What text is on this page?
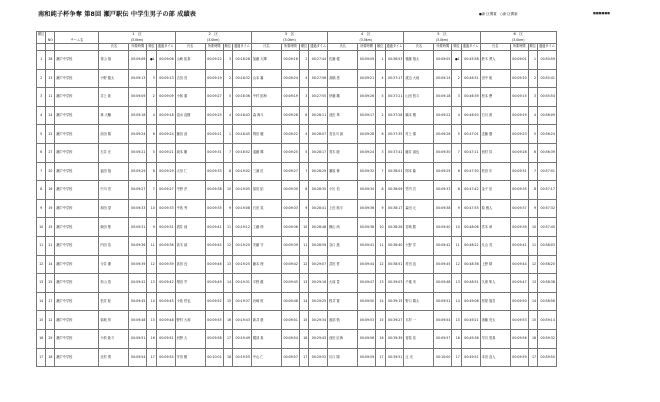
南和純子杯争奪 第8回 瀬戸駅伝 中学生男子の部 成績表	●新 区間賞　○新 区間新	■■■■■■
順位			1　 区				2　 区				3　 区				4　 区				5　 区				6　 区			
	NO	チーム名	(3.0km)				(3.0km)				(3.0km)				(3.0km)				(3.0km)				(3.0km)			
			氏名	所要時間	順位	通過タイム	氏名	所要時間	順位	通過タイム	氏名	所要時間	順位	通過タイム	氏名	所要時間	順位	通過タイム	氏名	所要時間	順位	通過タイム	氏名	所要時間	順位	通過タイム
1	28	瀬戸中学校	青山 翔	00:09:06	●1	00:09:06	山崎 拓真	00:09:22	3	00:18:28	加藤 大輝	00:09:16	2	00:27:44	佐藤 健	00:09:09	1	00:36:53	後藤 翔太	00:09:05	●1	00:45:58	鈴木 勇人	00:09:01	1	00:54:59
2	13	瀬戸中学校	小野 健太	00:09:13	3	00:09:13	吉田 亮	00:09:19	2	00:18:32	山本 翼	00:09:24	4	00:27:56	高橋 悠	00:09:21	4	00:37:17	渡辺 大地	00:09:14	2	00:46:31	田中 航	00:09:10	2	00:55:41
3	11	瀬戸中学校	井上 陸	00:09:09	2	00:09:09	小林 蓮	00:09:27	5	00:18:36	中村 拓海	00:09:19	3	00:27:55	伊藤 颯	00:09:26	5	00:37:21	山田 悠斗	00:09:18	3	00:46:39	松本 蒼	00:09:15	3	00:55:54
4	24	瀬戸中学校	林 大輔	00:09:18	4	00:09:18	清水 直樹	00:09:25	4	00:18:43	森 海斗	00:09:28	6	00:28:11	池田 隼	00:09:17	2	00:37:28	橋本 樹	00:09:22	4	00:46:50	石川 湊	00:09:19	4	00:56:09
5	22	瀬戸中学校	前田 陽	00:09:24	6	00:09:24	藤田 涼	00:09:21	1	00:18:45	岡田 駿	00:09:22	4	00:28:07	長谷川 誠	00:09:28	6	00:37:35	村上 慎	00:09:26	5	00:47:01	近藤 優	00:09:23	5	00:56:24
6	27	瀬戸中学校	石井 光	00:09:21	5	00:09:21	坂本 剛	00:09:31	7	00:18:52	遠藤 輝	00:09:25	5	00:28:17	青木 聡	00:09:24	3	00:37:41	藤井 誠也	00:09:30	7	00:47:11	西村 昇	00:09:28	6	00:56:39
7	20	瀬戸中学校	福田 翔	00:09:29	8	00:09:29	太田 仁	00:09:33	8	00:19:02	三浦 匠	00:09:27	7	00:28:29	藤原 修	00:09:32	7	00:38:01	岡本 隆	00:09:29	6	00:47:30	松田 歩	00:09:31	7	00:57:01
8	16	瀬戸中学校	中川 亮	00:09:27	7	00:09:27	中野 淳	00:09:38	10	00:19:05	原田 拓	00:09:30	8	00:28:35	小川 信	00:09:34	8	00:38:09	竹内 亘	00:09:33	8	00:47:42	金子 崇	00:09:35	8	00:57:17
9	19	瀬戸中学校	和田 望	00:09:33	10	00:09:33	中島 秀	00:09:35	9	00:19:08	石田 晃	00:09:33	9	00:28:41	上田 航平	00:09:36	9	00:38:17	森田 元	00:09:38	9	00:47:55	原 雅人	00:09:37	9	00:57:32
10	15	瀬戸中学校	柴田 聖	00:09:31	9	00:09:31	酒井 純	00:09:41	11	00:19:12	工藤 伸	00:09:36	10	00:28:48	横山 尚	00:09:38	10	00:38:26	宮崎 勝	00:09:40	10	00:48:06	宮本 章	00:09:39	10	00:57:45
11	21	瀬戸中学校	内田 浩	00:09:36	11	00:09:36	高木 誠	00:09:44	12	00:19:20	安藤 守	00:09:39	11	00:28:59	谷口 進	00:09:41	11	00:38:40	大野 学	00:09:42	11	00:48:22	丸山 茂	00:09:41	11	00:58:03
12	14	瀬戸中学校	今井 優	00:09:39	12	00:09:39	高田 良	00:09:46	13	00:19:25	藤本 理	00:09:42	12	00:29:07	武田 哲	00:09:44	12	00:38:51	村田 直	00:09:45	12	00:48:36	上野 晴	00:09:44	12	00:58:20
13	25	瀬戸中学校	杉山 悟	00:09:42	13	00:09:42	増田 亨	00:09:49	14	00:19:31	平野 徹	00:09:45	13	00:29:16	大塚 豊	00:09:47	13	00:39:03	千葉 実	00:09:48	13	00:48:51	久保 隼人	00:09:47	13	00:58:38
14	17	瀬戸中学校	松井 稔	00:09:45	14	00:09:45	小島 哲也	00:09:52	15	00:19:37	岩崎 恒	00:09:48	14	00:29:25	桜井 寛	00:09:50	14	00:39:15	野口 陽太	00:09:51	14	00:49:06	松尾 翔吾	00:09:50	14	00:58:56
15	12	瀬戸中学校	菊地 努	00:09:48	15	00:09:48	野村 大和	00:09:55	16	00:19:43	新井 康	00:09:51	15	00:29:34	渡部 勉	00:09:53	15	00:39:27	木村 一	00:09:54	15	00:49:21	斎藤 亮太	00:09:53	15	00:59:14
16	29	瀬戸中学校	小松 陸斗	00:09:51	16	00:09:51	河野 大	00:09:58	17	00:19:49	服部 真	00:09:54	16	00:29:43	西田 匠海	00:09:56	16	00:39:39	菅原 祐	00:09:57	16	00:49:36	早川 悠真	00:09:56	16	00:59:32
17	18	瀬戸中学校	北村 勇	00:09:54	17	00:09:54	安田 樹	00:10:01	18	00:19:55	中山 仁	00:09:57	17	00:29:52	川口 陽	00:09:59	17	00:39:51	辻 光	00:10:00	17	00:49:51	本田 直人	00:09:59	17	00:59:50
